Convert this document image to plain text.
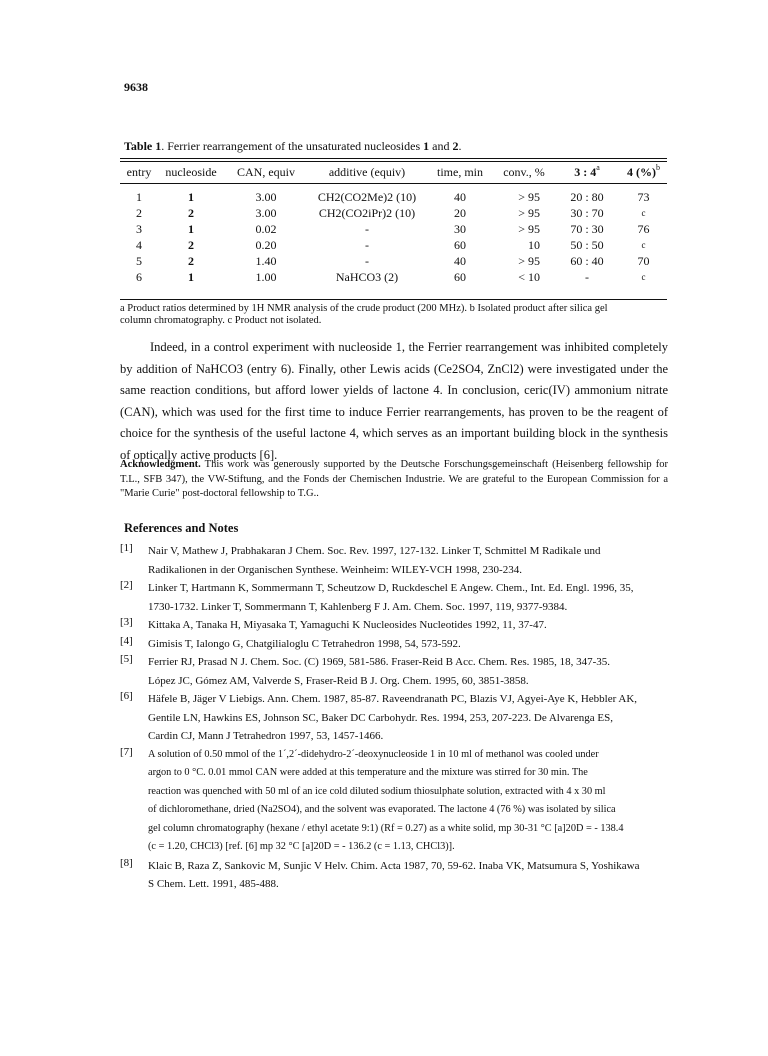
9638
Table 1. Ferrier rearrangement of the unsaturated nucleosides 1 and 2.
entry	nucleoside	CAN, equiv	additive (equiv)	time, min	conv., %	3 : 4$^a$	4 (%)$^b$
1	1	3.00	CH2(CO2Me)2 (10)	40	> 95	20 : 80	73
2	2	3.00	CH2(CO2iPr)2 (10)	20	> 95	30 : 70	c
3	1	0.02	-	30	> 95	70 : 30	76
4	2	0.20	-	60	10	50 : 50	c
5	2	1.40	-	40	> 95	60 : 40	70
6	1	1.00	NaHCO3 (2)	60	< 10	-	c
a Product ratios determined by 1H NMR analysis of the crude product (200 MHz). b Isolated product after silica gel
column chromatography. c Product not isolated.

Indeed, in a control experiment with nucleoside 1, the Ferrier rearrangement was inhibited completely by addition of NaHCO3 (entry 6). Finally, other Lewis acids (Ce2SO4, ZnCl2) were investigated under the same reaction conditions, but afford lower yields of lactone 4. In conclusion, ceric(IV) ammonium nitrate (CAN), which was used for the first time to induce Ferrier rearrangements, has proven to be the reagent of choice for the synthesis of the useful lactone 4, which serves as an important building block in the synthesis of optically active products [6].

Acknowledgment. This work was generously supported by the Deutsche Forschungsgemeinschaft (Heisenberg fellowship for T.L., SFB 347), the VW-Stiftung, and the Fonds der Chemischen Industrie. We are grateful to the European Commission for a "Marie Curie" post-doctoral fellowship to T.G..
References and Notes
[1]	Nair V, Mathew J, Prabhakaran J Chem. Soc. Rev. 1997, 127-132. Linker T, Schmittel M Radikale und
Radikalionen in der Organischen Synthese. Weinheim: WILEY-VCH 1998, 230-234.
[2]	Linker T, Hartmann K, Sommermann T, Scheutzow D, Ruckdeschel E Angew. Chem., Int. Ed. Engl. 1996, 35,
1730-1732. Linker T, Sommermann T, Kahlenberg F J. Am. Chem. Soc. 1997, 119, 9377-9384.
[3]	Kittaka A, Tanaka H, Miyasaka T, Yamaguchi K Nucleosides Nucleotides 1992, 11, 37-47.
[4]	Gimisis T, Ialongo G, Chatgilialoglu C Tetrahedron 1998, 54, 573-592.
[5]	Ferrier RJ, Prasad N J. Chem. Soc. (C) 1969, 581-586. Fraser-Reid B Acc. Chem. Res. 1985, 18, 347-35.
López JC, Gómez AM, Valverde S, Fraser-Reid B J. Org. Chem. 1995, 60, 3851-3858.
[6]	Häfele B, Jäger V Liebigs. Ann. Chem. 1987, 85-87. Raveendranath PC, Blazis VJ, Agyei-Aye K, Hebbler AK,
Gentile LN, Hawkins ES, Johnson SC, Baker DC Carbohydr. Res. 1994, 253, 207-223. De Alvarenga ES,
Cardin CJ, Mann J Tetrahedron 1997, 53, 1457-1466.
[7]	A solution of 0.50 mmol of the 1´,2´-didehydro-2´-deoxynucleoside 1 in 10 ml of methanol was cooled under
argon to 0 °C. 0.01 mmol CAN were added at this temperature and the mixture was stirred for 30 min. The
reaction was quenched with 50 ml of an ice cold diluted sodium thiosulphate solution, extracted with 4 x 30 ml
of dichloromethane, dried (Na2SO4), and the solvent was evaporated. The lactone 4 (76 %) was isolated by silica
gel column chromatography (hexane / ethyl acetate 9:1) (Rf = 0.27) as a white solid, mp 30-31 °C [a]20D = - 138.4
(c = 1.20, CHCl3) [ref. [6] mp 32 °C [a]20D = - 136.2 (c = 1.13, CHCl3)].
[8]	Klaic B, Raza Z, Sankovic M, Sunjic V Helv. Chim. Acta 1987, 70, 59-62. Inaba VK, Matsumura S, Yoshikawa
S Chem. Lett. 1991, 485-488.
